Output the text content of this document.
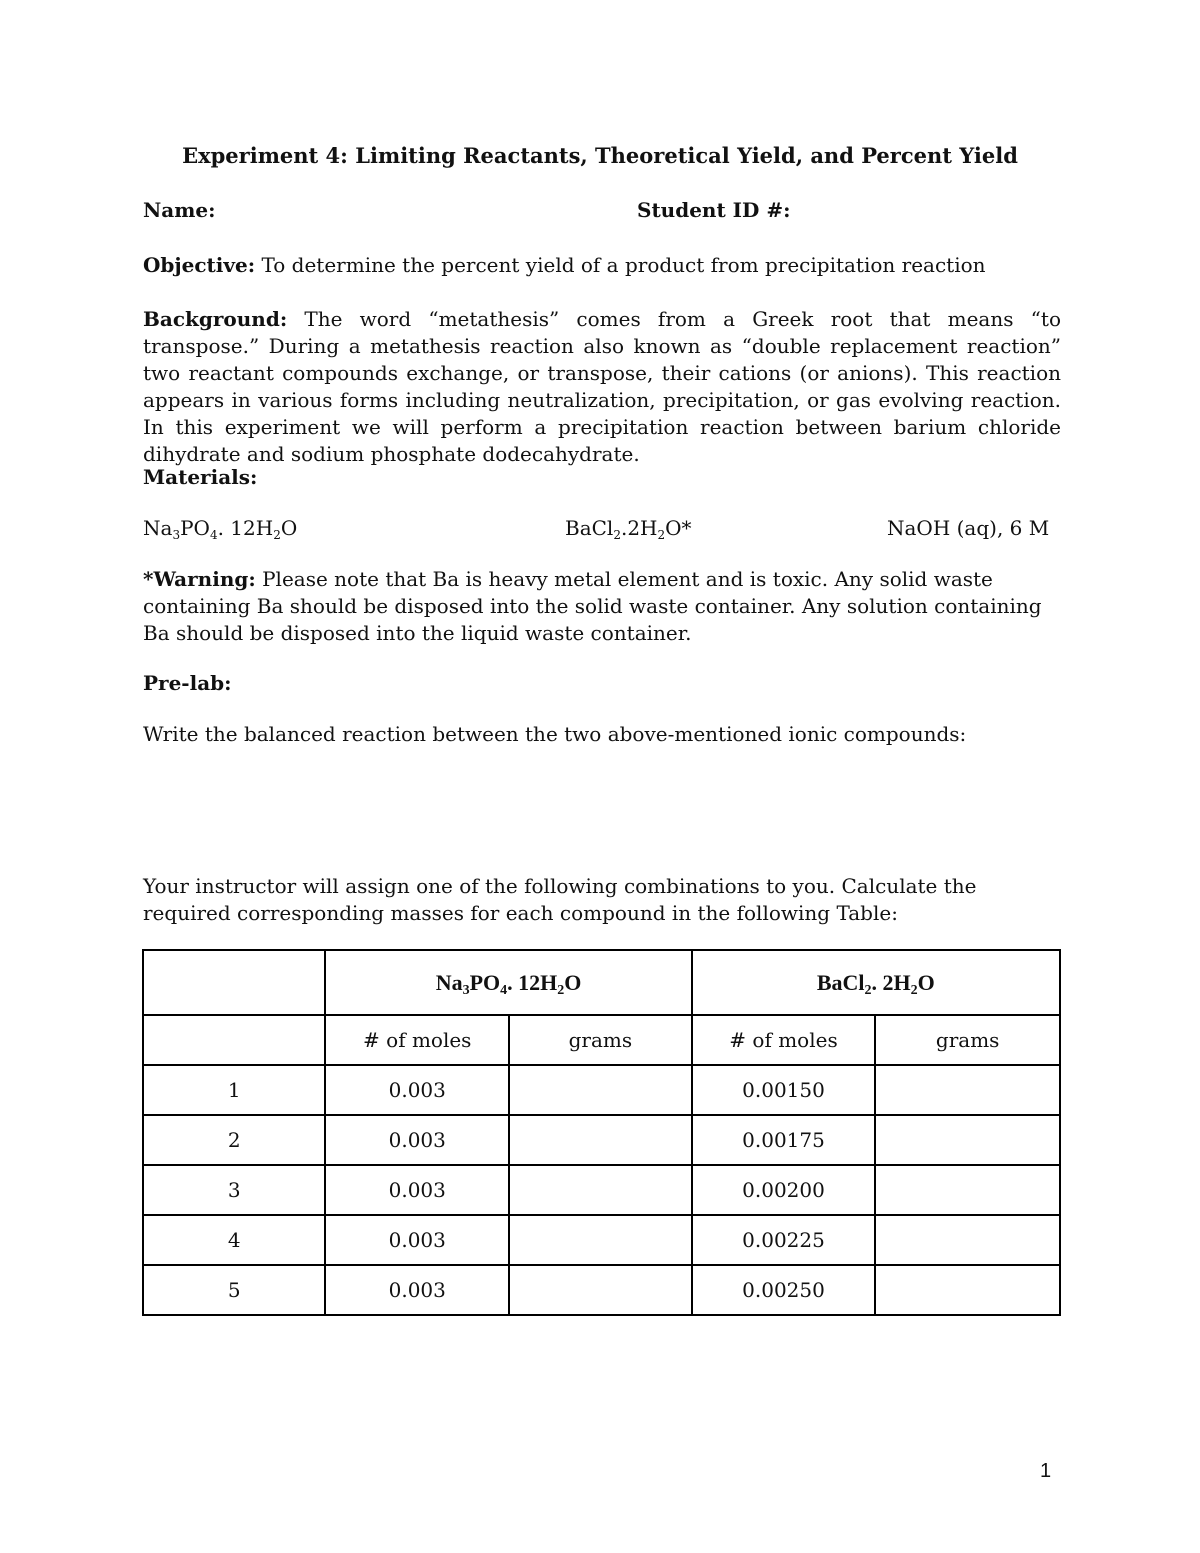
Experiment 4: Limiting Reactants, Theoretical Yield, and Percent Yield
Name:	Student ID #:
Objective: To determine the percent yield of a product from precipitation reaction
Background: The word “metathesis” comes from a Greek root that means “to transpose.” During a metathesis reaction also known as “double replacement reaction” two reactant compounds exchange, or transpose, their cations (or anions). This reaction appears in various forms including neutralization, precipitation, or gas evolving reaction. In this experiment we will perform a precipitation reaction between barium chloride dihydrate and sodium phosphate dodecahydrate.
Materials:
$Na_3PO_4$. $12H_2O$	$BaCl_2.2H_2O*$	NaOH (aq), 6 M
*Warning: Please note that Ba is heavy metal element and is toxic. Any solid waste containing Ba should be disposed into the solid waste container. Any solution containing Ba should be disposed into the liquid waste container.
Pre-lab:
Write the balanced reaction between the two above-mentioned ionic compounds:
Your instructor will assign one of the following combinations to you. Calculate the required corresponding masses for each compound in the following Table:
	$Na_3PO_4$. $12H_2O$		BaCl$_2$. $2H_2O$	
	# of moles	grams	# of moles	grams
1	0.003		0.00150	
2	0.003		0.00175	
3	0.003		0.00200	
4	0.003		0.00225	
5	0.003		0.00250	
1
